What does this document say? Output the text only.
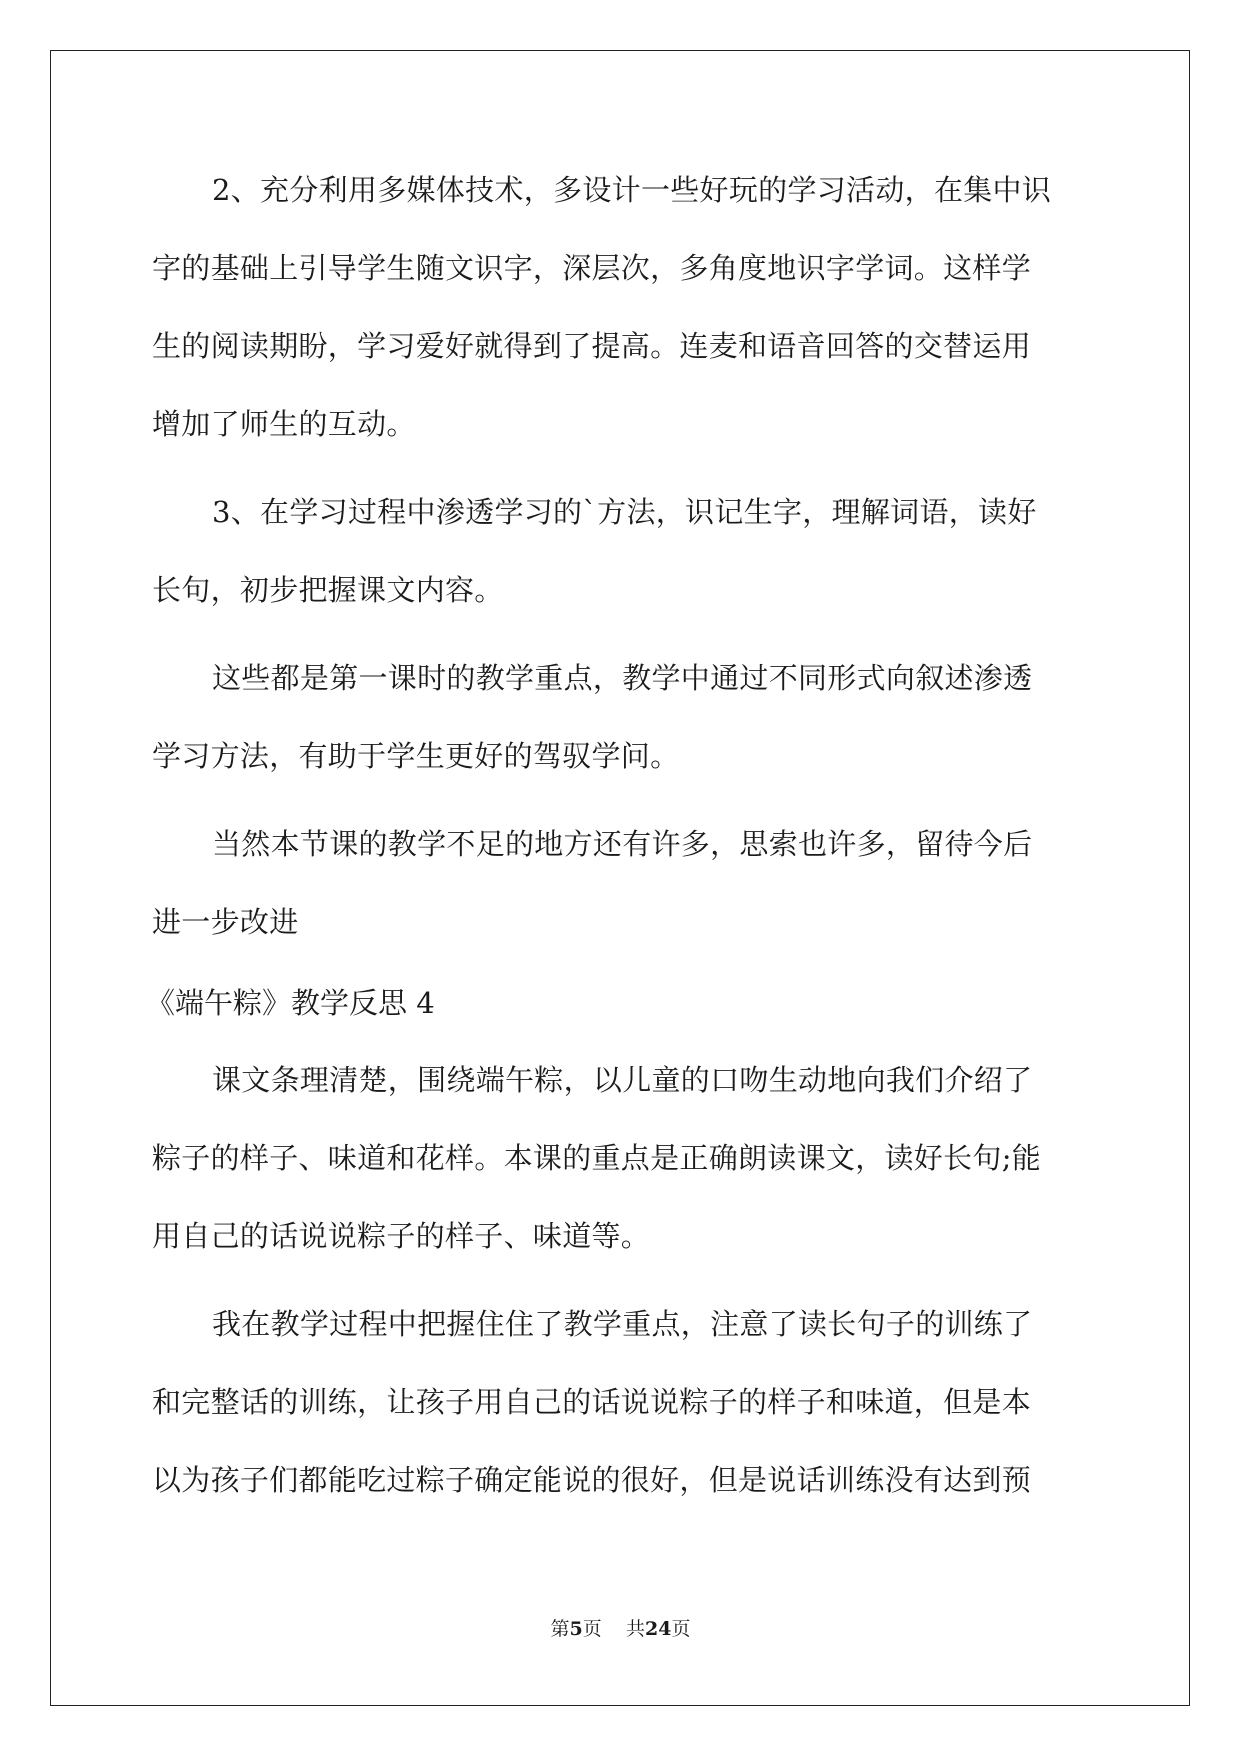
2、充分利用多媒体技术，多设计一些好玩的学习活动，在集中识
字的基础上引导学生随文识字，深层次，多角度地识字学词。这样学
生的阅读期盼，学习爱好就得到了提高。连麦和语音回答的交替运用
增加了师生的互动。
3、在学习过程中渗透学习的`方法，识记生字，理解词语，读好
长句，初步把握课文内容。
这些都是第一课时的教学重点，教学中通过不同形式向叙述渗透
学习方法，有助于学生更好的驾驭学问。
当然本节课的教学不足的地方还有许多，思索也许多，留待今后
进一步改进
《端午粽》教学反思 4
课文条理清楚，围绕端午粽，以儿童的口吻生动地向我们介绍了
粽子的样子、味道和花样。本课的重点是正确朗读课文，读好长句;能
用自己的话说说粽子的样子、味道等。
我在教学过程中把握住住了教学重点，注意了读长句子的训练了
和完整话的训练，让孩子用自己的话说说粽子的样子和味道，但是本
以为孩子们都能吃过粽子确定能说的很好，但是说话训练没有达到预
第5页 共24页
